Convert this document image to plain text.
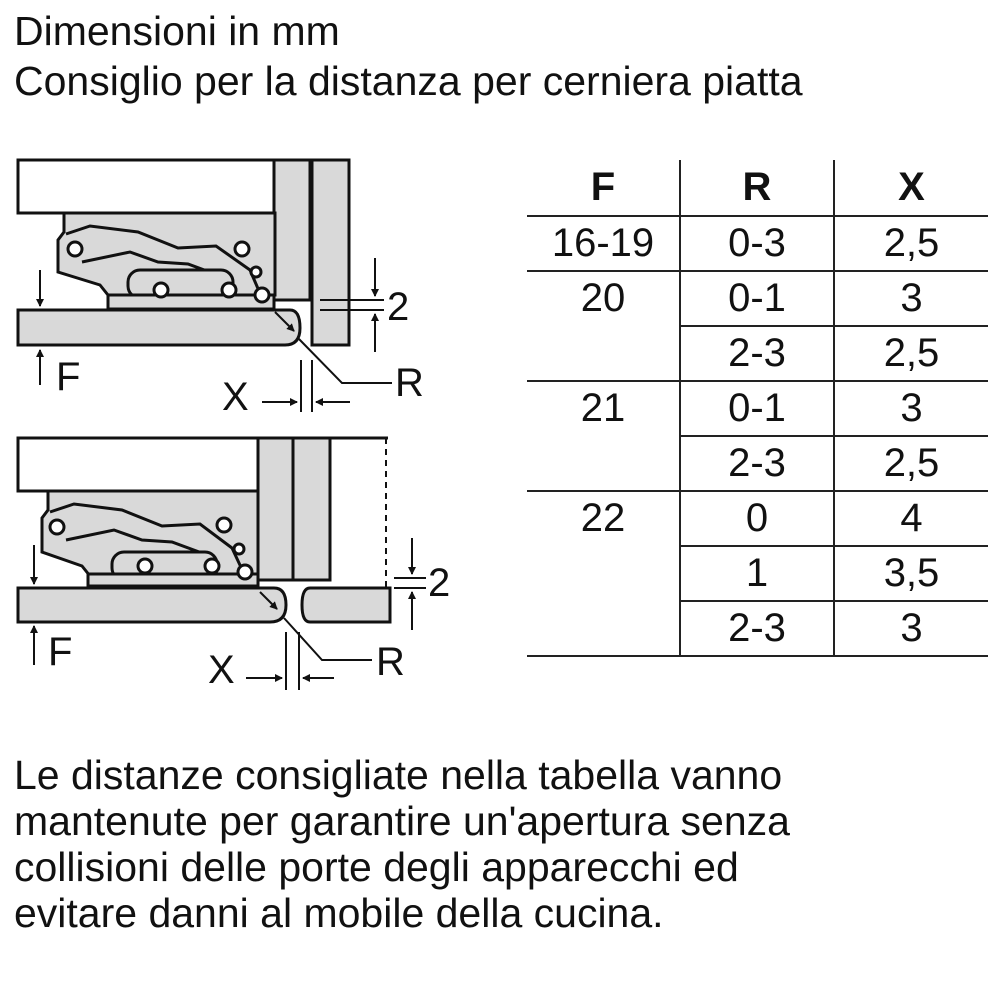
Dimensioni in mm
Consiglio per la distanza per cerniera piatta
F
2
X	R
F
2
X	R
F	R	X
16-19	0-3	2,5
20	0-1	3
	2-3	2,5
21	0-1	3
	2-3	2,5
22	0	4
	1	3,5
	2-3	3

Le distanze consigliate nella tabella vanno
mantenute per garantire un'apertura senza
collisioni delle porte degli apparecchi ed
evitare danni al mobile della cucina.
